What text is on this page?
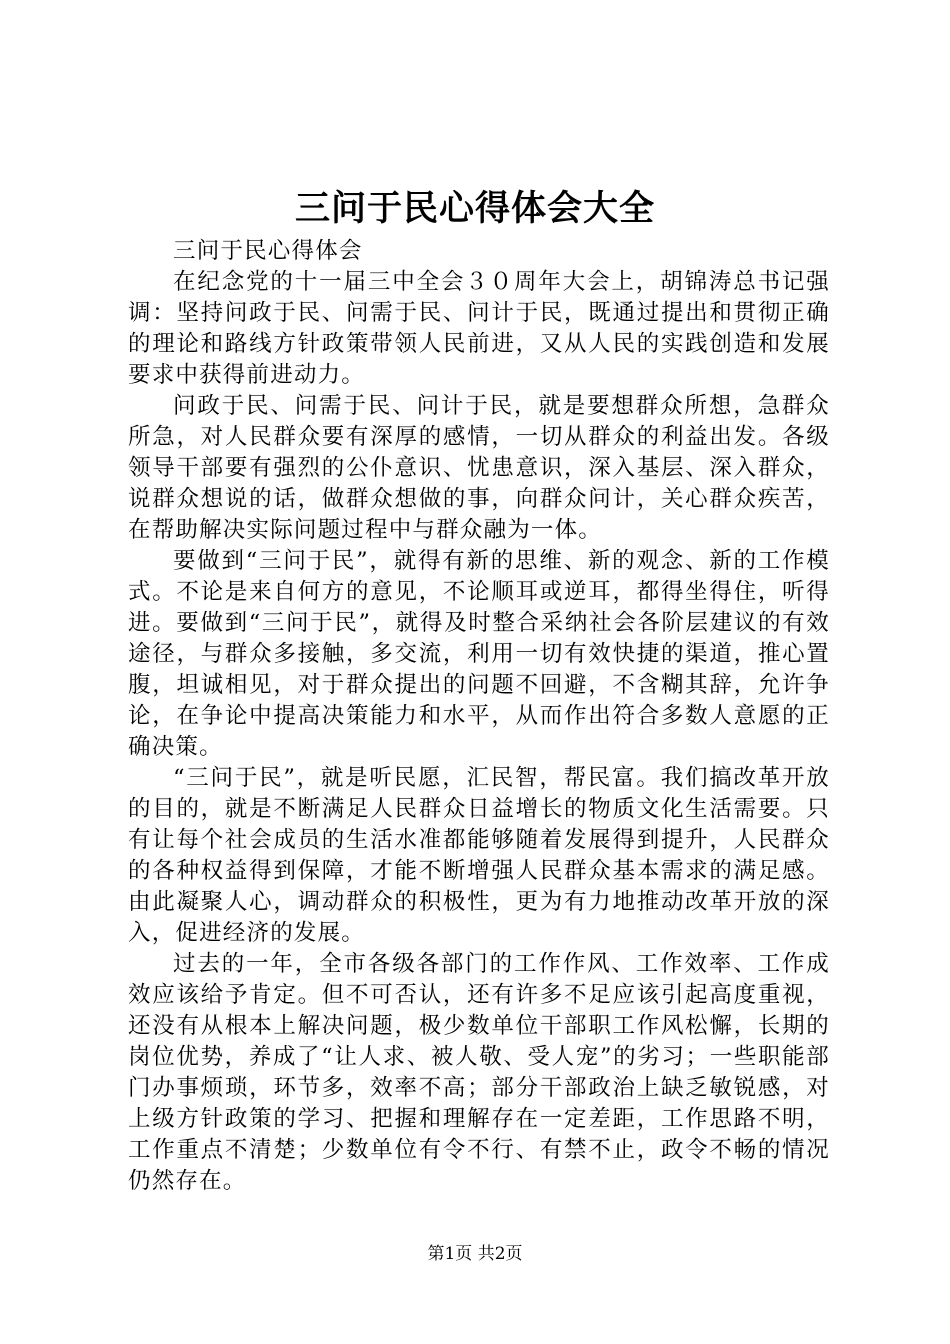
三问于民心得体会大全

三问于民心得体会

在纪念党的十一届三中全会３０周年大会上，胡锦涛总书记强调：坚持问政于民、问需于民、问计于民，既通过提出和贯彻正确的理论和路线方针政策带领人民前进，又从人民的实践创造和发展要求中获得前进动力。

问政于民、问需于民、问计于民，就是要想群众所想，急群众所急，对人民群众要有深厚的感情，一切从群众的利益出发。各级领导干部要有强烈的公仆意识、忧患意识，深入基层、深入群众，说群众想说的话，做群众想做的事，向群众问计，关心群众疾苦，在帮助解决实际问题过程中与群众融为一体。

要做到“三问于民”，就得有新的思维、新的观念、新的工作模式。不论是来自何方的意见，不论顺耳或逆耳，都得坐得住，听得进。要做到“三问于民”，就得及时整合采纳社会各阶层建议的有效途径，与群众多接触，多交流，利用一切有效快捷的渠道，推心置腹，坦诚相见，对于群众提出的问题不回避，不含糊其辞，允许争论，在争论中提高决策能力和水平，从而作出符合多数人意愿的正确决策。

“三问于民”，就是听民愿，汇民智，帮民富。我们搞改革开放的目的，就是不断满足人民群众日益增长的物质文化生活需要。只有让每个社会成员的生活水准都能够随着发展得到提升，人民群众的各种权益得到保障，才能不断增强人民群众基本需求的满足感。由此凝聚人心，调动群众的积极性，更为有力地推动改革开放的深入，促进经济的发展。

过去的一年，全市各级各部门的工作作风、工作效率、工作成效应该给予肯定。但不可否认，还有许多不足应该引起高度重视，还没有从根本上解决问题，极少数单位干部职工作风松懈，长期的岗位优势，养成了“让人求、被人敬、受人宠”的劣习；一些职能部门办事烦琐，环节多，效率不高；部分干部政治上缺乏敏锐感，对上级方针政策的学习、把握和理解存在一定差距，工作思路不明，工作重点不清楚；少数单位有令不行、有禁不止，政令不畅的情况仍然存在。

第1页 共2页
